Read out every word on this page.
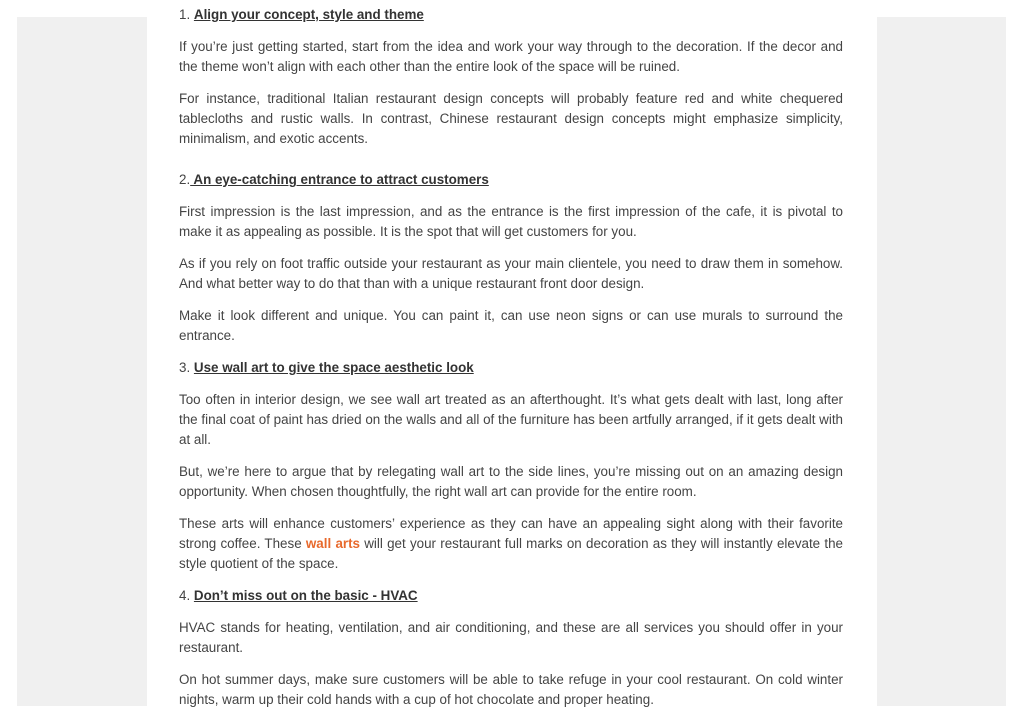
1. Align your concept, style and theme

If you’re just getting started, start from the idea and work your way through to the decoration. If the decor and the theme won’t align with each other than the entire look of the space will be ruined.

For instance, traditional Italian restaurant design concepts will probably feature red and white chequered tablecloths and rustic walls. In contrast, Chinese restaurant design concepts might emphasize simplicity, minimalism, and exotic accents.

2. An eye-catching entrance to attract customers

First impression is the last impression, and as the entrance is the first impression of the cafe, it is pivotal to make it as appealing as possible. It is the spot that will get customers for you.

As if you rely on foot traffic outside your restaurant as your main clientele, you need to draw them in somehow. And what better way to do that than with a unique restaurant front door design.

Make it look different and unique. You can paint it, can use neon signs or can use murals to surround the entrance.

3. Use wall art to give the space aesthetic look

Too often in interior design, we see wall art treated as an afterthought. It’s what gets dealt with last, long after the final coat of paint has dried on the walls and all of the furniture has been artfully arranged, if it gets dealt with at all.

But, we’re here to argue that by relegating wall art to the side lines, you’re missing out on an amazing design opportunity. When chosen thoughtfully, the right wall art can provide for the entire room.

These arts will enhance customers’ experience as they can have an appealing sight along with their favorite strong coffee. These wall arts will get your restaurant full marks on decoration as they will instantly elevate the style quotient of the space.

4. Don’t miss out on the basic - HVAC

HVAC stands for heating, ventilation, and air conditioning, and these are all services you should offer in your restaurant.

On hot summer days, make sure customers will be able to take refuge in your cool restaurant. On cold winter nights, warm up their cold hands with a cup of hot chocolate and proper heating.
